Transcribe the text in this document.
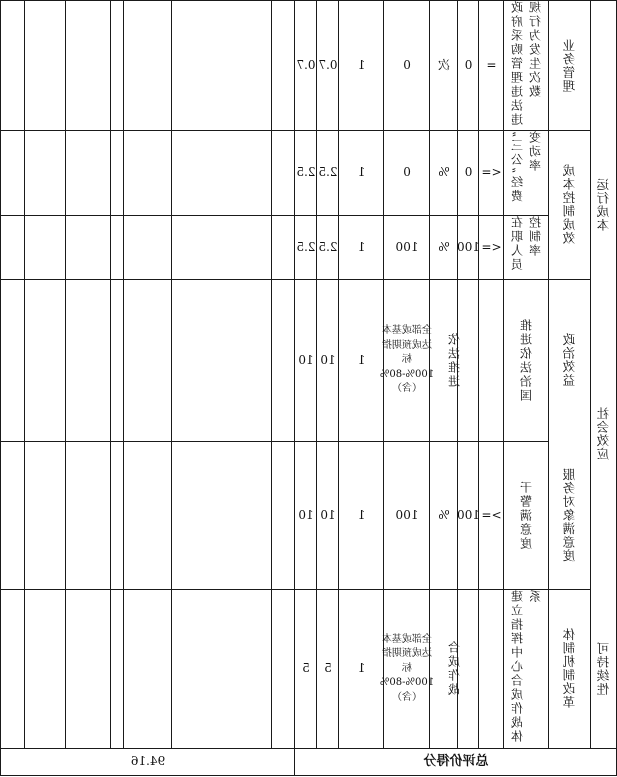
运行成本
社会效应
可持续性
业务管理
成本控制成效
政治效益
服务对象满意度
体制机制改革
政府采购管理违法违规行为发生次数
=
0
次
0
1
0.7
0.7
“三公”经费变动率
<=
0
%
0
1
2.5
2.5
在职人员控制率
<=
100
%
100
1
2.5
2.5
推进依法治国
依法推进
全部或基本达成预期指标100%-80%（含）
1
10
10
干警满意度
>=
100
%
100
1
10
10
建立指挥中心合成作战体系
合成作战
全部或基本达成预期指标100%-80%（含）
1
5
5
总评价得分
94.16
